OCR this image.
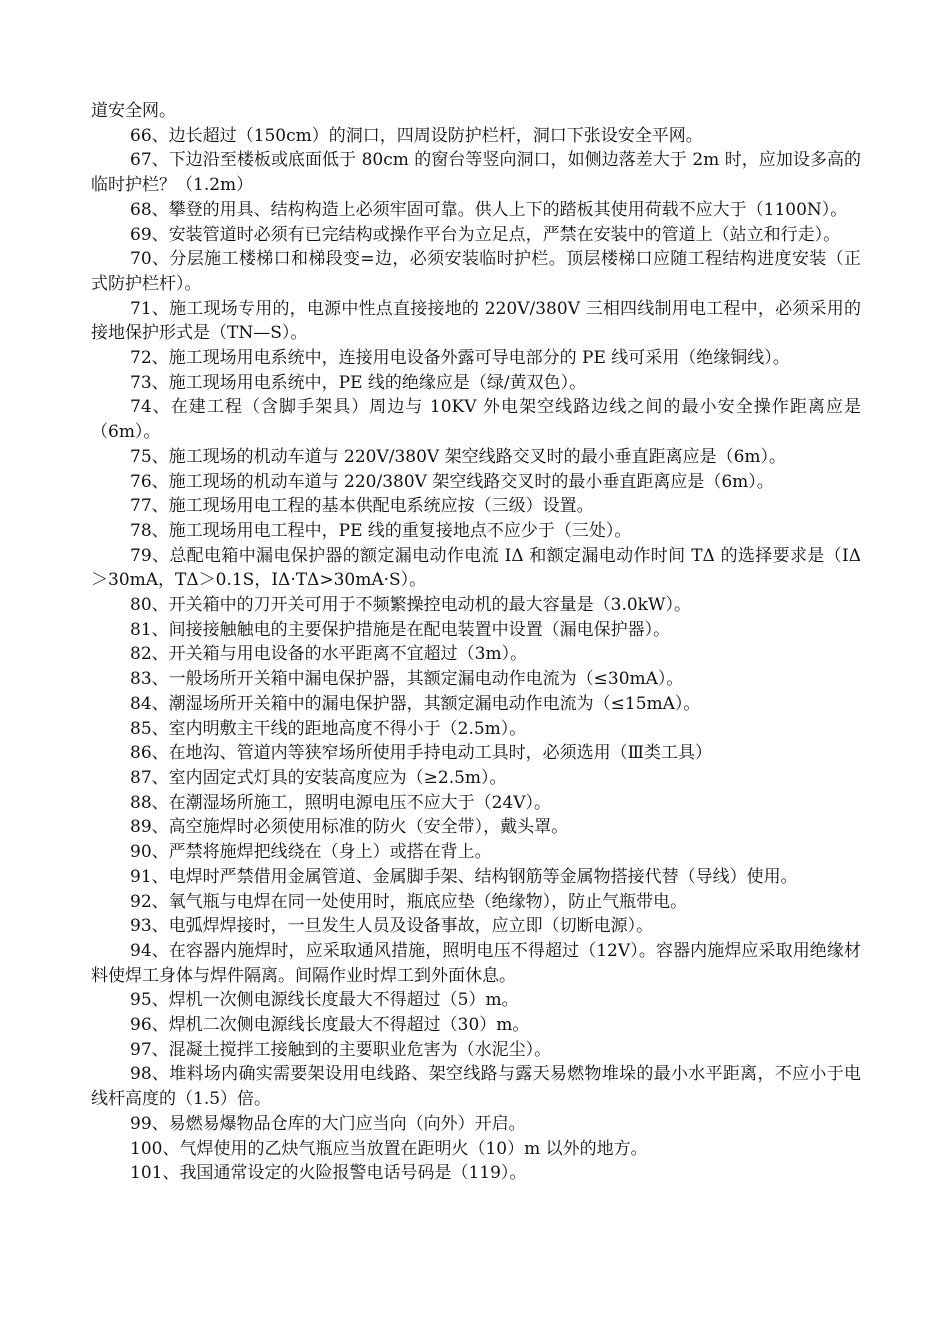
道安全网。

66、边长超过（150cm）的洞口，四周设防护栏杆，洞口下张设安全平网。

67、下边沿至楼板或底面低于 80cm 的窗台等竖向洞口，如侧边落差大于 2m 时，应加设多高的临时护栏？（1.2m）

68、攀登的用具、结构构造上必须牢固可靠。供人上下的踏板其使用荷载不应大于（1100N）。

69、安装管道时必须有已完结构或操作平台为立足点，严禁在安装中的管道上（站立和行走）。

70、分层施工楼梯口和梯段变=边，必须安装临时护栏。顶层楼梯口应随工程结构进度安装（正式防护栏杆）。

71、施工现场专用的，电源中性点直接接地的 220V/380V 三相四线制用电工程中，必须采用的接地保护形式是（TN—S）。

72、施工现场用电系统中，连接用电设备外露可导电部分的 PE 线可采用（绝缘铜线）。

73、施工现场用电系统中，PE 线的绝缘应是（绿/黄双色）。

74、在建工程（含脚手架具）周边与 10KV 外电架空线路边线之间的最小安全操作距离应是（6m）。

75、施工现场的机动车道与 220V/380V 架空线路交叉时的最小垂直距离应是（6m）。

76、施工现场的机动车道与 220/380V 架空线路交叉时的最小垂直距离应是（6m）。

77、施工现场用电工程的基本供配电系统应按（三级）设置。

78、施工现场用电工程中，PE 线的重复接地点不应少于（三处）。

79、总配电箱中漏电保护器的额定漏电动作电流 IΔ 和额定漏电动作时间 TΔ 的选择要求是（IΔ＞30mA，TΔ＞0.1S，IΔ·TΔ>30mA·S）。

80、开关箱中的刀开关可用于不频繁操控电动机的最大容量是（3.0kW）。

81、间接接触触电的主要保护措施是在配电装置中设置（漏电保护器）。

82、开关箱与用电设备的水平距离不宜超过（3m）。

83、一般场所开关箱中漏电保护器，其额定漏电动作电流为（≤30mA）。

84、潮湿场所开关箱中的漏电保护器，其额定漏电动作电流为（≤15mA）。

85、室内明敷主干线的距地高度不得小于（2.5m）。

86、在地沟、管道内等狭窄场所使用手持电动工具时，必须选用（Ⅲ类工具）

87、室内固定式灯具的安装高度应为（≥2.5m）。

88、在潮湿场所施工，照明电源电压不应大于（24V）。

89、高空施焊时必须使用标准的防火（安全带），戴头罩。

90、严禁将施焊把线绕在（身上）或搭在背上。

91、电焊时严禁借用金属管道、金属脚手架、结构钢筋等金属物搭接代替（导线）使用。

92、氧气瓶与电焊在同一处使用时，瓶底应垫（绝缘物），防止气瓶带电。

93、电弧焊焊接时，一旦发生人员及设备事故，应立即（切断电源）。

94、在容器内施焊时，应采取通风措施，照明电压不得超过（12V）。容器内施焊应采取用绝缘材料使焊工身体与焊件隔离。间隔作业时焊工到外面休息。

95、焊机一次侧电源线长度最大不得超过（5）m。

96、焊机二次侧电源线长度最大不得超过（30）m。

97、混凝土搅拌工接触到的主要职业危害为（水泥尘）。

98、堆料场内确实需要架设用电线路、架空线路与露天易燃物堆垛的最小水平距离，不应小于电线杆高度的（1.5）倍。

99、易燃易爆物品仓库的大门应当向（向外）开启。

100、气焊使用的乙炔气瓶应当放置在距明火（10）m 以外的地方。

101、我国通常设定的火险报警电话号码是（119）。
